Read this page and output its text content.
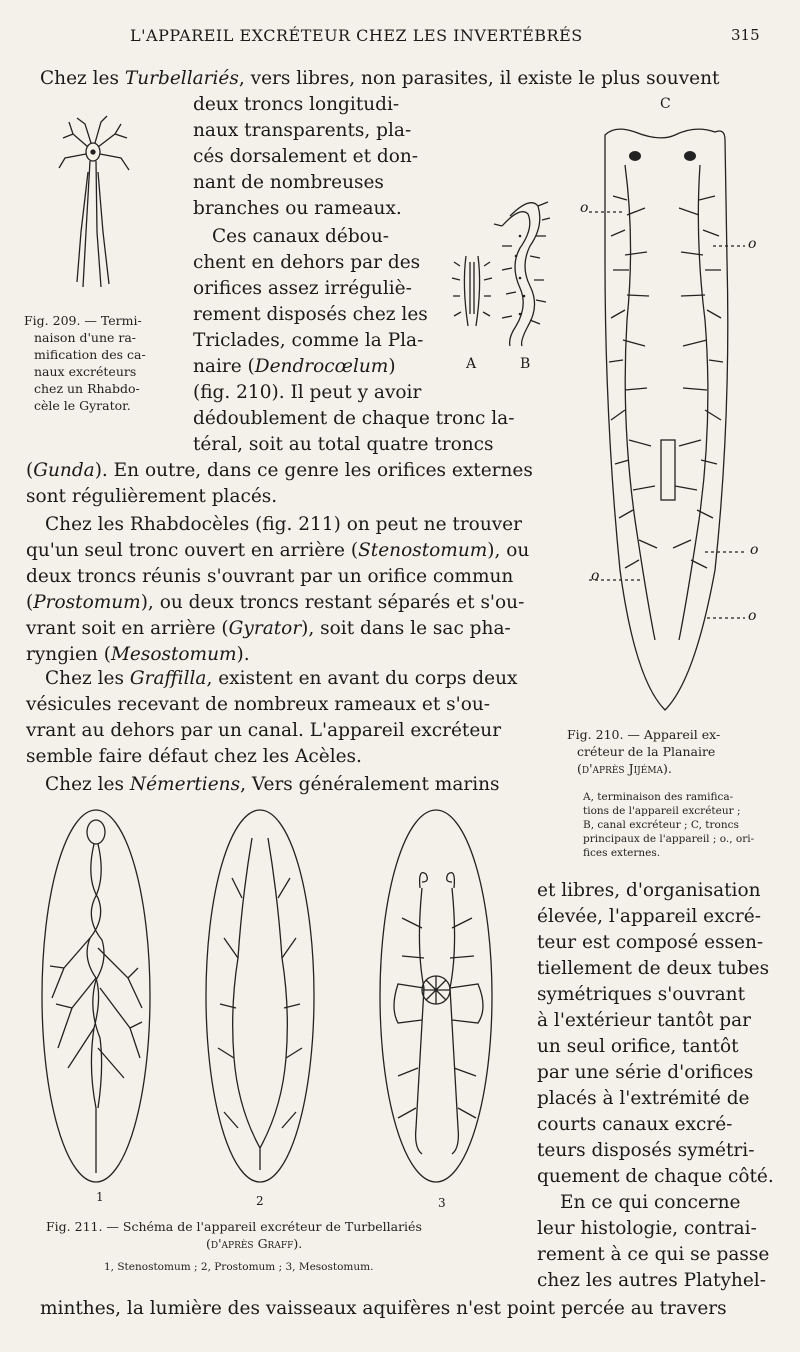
L'APPAREIL EXCRÉTEUR CHEZ LES INVERTÉBRÉS	315
Chez les Turbellariés, vers libres, non parasites, il existe le plus souvent
deux troncs longitudi-
naux transparents, pla-
cés dorsalement et don-
nant de nombreuses
branches ou rameaux.
Ces canaux débou-
chent en dehors par des
orifices assez irréguliè-
rement disposés chez les
Triclades, comme la Pla-
naire (Dendrocœlum)
(fig. 210). Il peut y avoir
dédoublement de chaque tronc la-
téral, soit au total quatre troncs
(Gunda). En outre, dans ce genre les orifices externes
sont régulièrement placés.
Chez les Rhabdocèles (fig. 211) on peut ne trouver
qu'un seul tronc ouvert en arrière (Stenostomum), ou
deux troncs réunis s'ouvrant par un orifice commun
(Prostomum), ou deux troncs restant séparés et s'ou-
vrant soit en arrière (Gyrator), soit dans le sac pha-
ryngien (Mesostomum).
Chez les Graffilla, existent en avant du corps deux
vésicules recevant de nombreux rameaux et s'ou-
vrant au dehors par un canal. L'appareil excréteur
semble faire défaut chez les Acèles.
Chez les Némertiens, Vers généralement marins
et libres, d'organisation
élevée, l'appareil excré-
teur est composé essen-
tiellement de deux tubes
symétriques s'ouvrant
à l'extérieur tantôt par
un seul orifice, tantôt
par une série d'orifices
placés à l'extrémité de
courts canaux excré-
teurs disposés symétri-
quement de chaque côté.
En ce qui concerne
leur histologie, contrai-
rement à ce qui se passe
chez les autres Platyhel-
minthes, la lumière des vaisseaux aquifères n'est point percée au travers
Fig. 209. — Termi-
naison d'une ra-
mification des ca-
naux excréteurs
chez un Rhabdo-
cèle le Gyrator.
A	B
C
o
o
o
o
o
Fig. 210. — Appareil ex-
créteur de la Planaire
(d'après Jijéma).
A, terminaison des ramifica-
tions de l'appareil excréteur ;
B, canal excréteur ; C, troncs
principaux de l'appareil ; o., ori-
fices externes.
1	2	3
Fig. 211. — Schéma de l'appareil excréteur de Turbellariés
(d'après Graff).
1, Stenostomum ; 2, Prostomum ; 3, Mesostomum.
